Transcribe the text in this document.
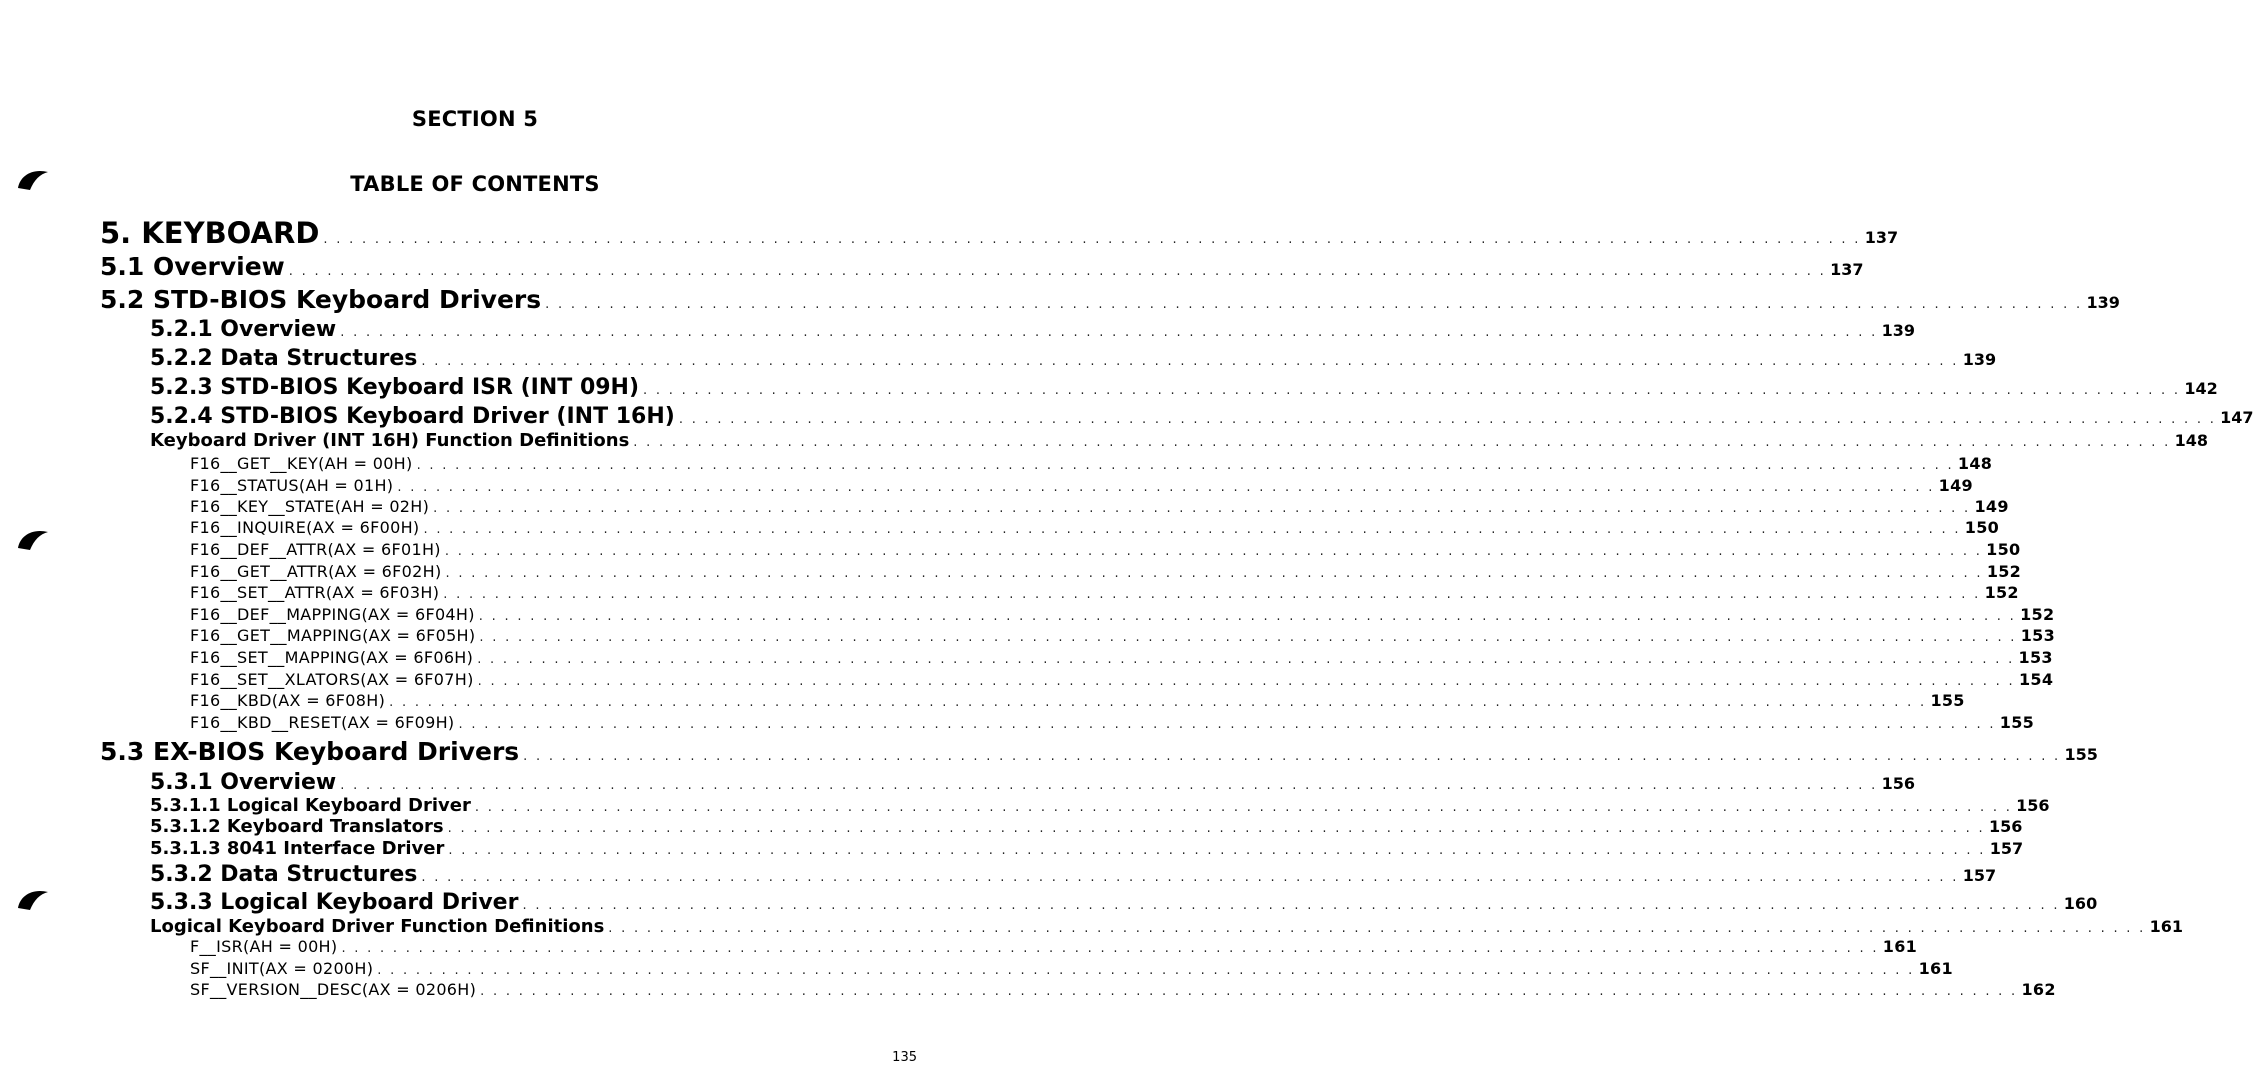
SECTION 5
TABLE OF CONTENTS
5. KEYBOARD . . . . . . . . . . . . . . . . . . . . . . . . . . . . . . . . . . . . . . . . . . . . . . . . . . . . . . . . . . . . . . . . . . . . . . . . . . . . . . . . . . . . . . . . . . . . . . . . . . . . . . . . . . . . . . . . . . . . . . . . 137
5.1 Overview . . . . . . . . . . . . . . . . . . . . . . . . . . . . . . . . . . . . . . . . . . . . . . . . . . . . . . . . . . . . . . . . . . . . . . . . . . . . . . . . . . . . . . . . . . . . . . . . . . . . . . . . . . . . . . . . . . . . . . . . 137
5.2 STD-BIOS Keyboard Drivers . . . . . . . . . . . . . . . . . . . . . . . . . . . . . . . . . . . . . . . . . . . . . . . . . . . . . . . . . . . . . . . . . . . . . . . . . . . . . . . . . . . . . . . . . . . . . . . . . . . . . . . . . . . . . . . . . . . . . . . . 139
5.2.1 Overview . . . . . . . . . . . . . . . . . . . . . . . . . . . . . . . . . . . . . . . . . . . . . . . . . . . . . . . . . . . . . . . . . . . . . . . . . . . . . . . . . . . . . . . . . . . . . . . . . . . . . . . . . . . . . . . . . . . . . . . . 139
5.2.2 Data Structures . . . . . . . . . . . . . . . . . . . . . . . . . . . . . . . . . . . . . . . . . . . . . . . . . . . . . . . . . . . . . . . . . . . . . . . . . . . . . . . . . . . . . . . . . . . . . . . . . . . . . . . . . . . . . . . . . . . . . . . . 139
5.2.3 STD-BIOS Keyboard ISR (INT 09H) . . . . . . . . . . . . . . . . . . . . . . . . . . . . . . . . . . . . . . . . . . . . . . . . . . . . . . . . . . . . . . . . . . . . . . . . . . . . . . . . . . . . . . . . . . . . . . . . . . . . . . . . . . . . . . . . . . . . . . . . 142
5.2.4 STD-BIOS Keyboard Driver (INT 16H) . . . . . . . . . . . . . . . . . . . . . . . . . . . . . . . . . . . . . . . . . . . . . . . . . . . . . . . . . . . . . . . . . . . . . . . . . . . . . . . . . . . . . . . . . . . . . . . . . . . . . . . . . . . . . . . . . . . . . . . . 147
Keyboard Driver (INT 16H) Function Definitions . . . . . . . . . . . . . . . . . . . . . . . . . . . . . . . . . . . . . . . . . . . . . . . . . . . . . . . . . . . . . . . . . . . . . . . . . . . . . . . . . . . . . . . . . . . . . . . . . . . . . . . . . . . . . . . . . . . . . . . . 148
F16__GET__KEY (AH = 00H) . . . . . . . . . . . . . . . . . . . . . . . . . . . . . . . . . . . . . . . . . . . . . . . . . . . . . . . . . . . . . . . . . . . . . . . . . . . . . . . . . . . . . . . . . . . . . . . . . . . . . . . . . . . . . . . . . . . . . . . . 148
F16__STATUS (AH = 01H) . . . . . . . . . . . . . . . . . . . . . . . . . . . . . . . . . . . . . . . . . . . . . . . . . . . . . . . . . . . . . . . . . . . . . . . . . . . . . . . . . . . . . . . . . . . . . . . . . . . . . . . . . . . . . . . . . . . . . . . . 149
F16__KEY__STATE (AH = 02H) . . . . . . . . . . . . . . . . . . . . . . . . . . . . . . . . . . . . . . . . . . . . . . . . . . . . . . . . . . . . . . . . . . . . . . . . . . . . . . . . . . . . . . . . . . . . . . . . . . . . . . . . . . . . . . . . . . . . . . . . 149
F16__INQUIRE (AX = 6F00H) . . . . . . . . . . . . . . . . . . . . . . . . . . . . . . . . . . . . . . . . . . . . . . . . . . . . . . . . . . . . . . . . . . . . . . . . . . . . . . . . . . . . . . . . . . . . . . . . . . . . . . . . . . . . . . . . . . . . . . . . 150
F16__DEF__ATTR (AX = 6F01H) . . . . . . . . . . . . . . . . . . . . . . . . . . . . . . . . . . . . . . . . . . . . . . . . . . . . . . . . . . . . . . . . . . . . . . . . . . . . . . . . . . . . . . . . . . . . . . . . . . . . . . . . . . . . . . . . . . . . . . . . 150
F16__GET__ATTR (AX = 6F02H) . . . . . . . . . . . . . . . . . . . . . . . . . . . . . . . . . . . . . . . . . . . . . . . . . . . . . . . . . . . . . . . . . . . . . . . . . . . . . . . . . . . . . . . . . . . . . . . . . . . . . . . . . . . . . . . . . . . . . . . . 152
F16__SET__ATTR (AX = 6F03H) . . . . . . . . . . . . . . . . . . . . . . . . . . . . . . . . . . . . . . . . . . . . . . . . . . . . . . . . . . . . . . . . . . . . . . . . . . . . . . . . . . . . . . . . . . . . . . . . . . . . . . . . . . . . . . . . . . . . . . . . 152
F16__DEF__MAPPING (AX = 6F04H) . . . . . . . . . . . . . . . . . . . . . . . . . . . . . . . . . . . . . . . . . . . . . . . . . . . . . . . . . . . . . . . . . . . . . . . . . . . . . . . . . . . . . . . . . . . . . . . . . . . . . . . . . . . . . . . . . . . . . . . . 152
F16__GET__MAPPING (AX = 6F05H) . . . . . . . . . . . . . . . . . . . . . . . . . . . . . . . . . . . . . . . . . . . . . . . . . . . . . . . . . . . . . . . . . . . . . . . . . . . . . . . . . . . . . . . . . . . . . . . . . . . . . . . . . . . . . . . . . . . . . . . . 153
F16__SET__MAPPING (AX = 6F06H) . . . . . . . . . . . . . . . . . . . . . . . . . . . . . . . . . . . . . . . . . . . . . . . . . . . . . . . . . . . . . . . . . . . . . . . . . . . . . . . . . . . . . . . . . . . . . . . . . . . . . . . . . . . . . . . . . . . . . . . . 153
F16__SET__XLATORS (AX = 6F07H) . . . . . . . . . . . . . . . . . . . . . . . . . . . . . . . . . . . . . . . . . . . . . . . . . . . . . . . . . . . . . . . . . . . . . . . . . . . . . . . . . . . . . . . . . . . . . . . . . . . . . . . . . . . . . . . . . . . . . . . . 154
F16__KBD (AX = 6F08H) . . . . . . . . . . . . . . . . . . . . . . . . . . . . . . . . . . . . . . . . . . . . . . . . . . . . . . . . . . . . . . . . . . . . . . . . . . . . . . . . . . . . . . . . . . . . . . . . . . . . . . . . . . . . . . . . . . . . . . . . 155
F16__KBD__RESET (AX = 6F09H) . . . . . . . . . . . . . . . . . . . . . . . . . . . . . . . . . . . . . . . . . . . . . . . . . . . . . . . . . . . . . . . . . . . . . . . . . . . . . . . . . . . . . . . . . . . . . . . . . . . . . . . . . . . . . . . . . . . . . . . . 155
5.3 EX-BIOS Keyboard Drivers . . . . . . . . . . . . . . . . . . . . . . . . . . . . . . . . . . . . . . . . . . . . . . . . . . . . . . . . . . . . . . . . . . . . . . . . . . . . . . . . . . . . . . . . . . . . . . . . . . . . . . . . . . . . . . . . . . . . . . . . 155
5.3.1 Overview . . . . . . . . . . . . . . . . . . . . . . . . . . . . . . . . . . . . . . . . . . . . . . . . . . . . . . . . . . . . . . . . . . . . . . . . . . . . . . . . . . . . . . . . . . . . . . . . . . . . . . . . . . . . . . . . . . . . . . . . 156
5.3.1.1 Logical Keyboard Driver . . . . . . . . . . . . . . . . . . . . . . . . . . . . . . . . . . . . . . . . . . . . . . . . . . . . . . . . . . . . . . . . . . . . . . . . . . . . . . . . . . . . . . . . . . . . . . . . . . . . . . . . . . . . . . . . . . . . . . . . 156
5.3.1.2 Keyboard Translators . . . . . . . . . . . . . . . . . . . . . . . . . . . . . . . . . . . . . . . . . . . . . . . . . . . . . . . . . . . . . . . . . . . . . . . . . . . . . . . . . . . . . . . . . . . . . . . . . . . . . . . . . . . . . . . . . . . . . . . . 156
5.3.1.3 8041 Interface Driver . . . . . . . . . . . . . . . . . . . . . . . . . . . . . . . . . . . . . . . . . . . . . . . . . . . . . . . . . . . . . . . . . . . . . . . . . . . . . . . . . . . . . . . . . . . . . . . . . . . . . . . . . . . . . . . . . . . . . . . . 157
5.3.2 Data Structures . . . . . . . . . . . . . . . . . . . . . . . . . . . . . . . . . . . . . . . . . . . . . . . . . . . . . . . . . . . . . . . . . . . . . . . . . . . . . . . . . . . . . . . . . . . . . . . . . . . . . . . . . . . . . . . . . . . . . . . . 157
5.3.3 Logical Keyboard Driver . . . . . . . . . . . . . . . . . . . . . . . . . . . . . . . . . . . . . . . . . . . . . . . . . . . . . . . . . . . . . . . . . . . . . . . . . . . . . . . . . . . . . . . . . . . . . . . . . . . . . . . . . . . . . . . . . . . . . . . . 160
Logical Keyboard Driver Function Definitions . . . . . . . . . . . . . . . . . . . . . . . . . . . . . . . . . . . . . . . . . . . . . . . . . . . . . . . . . . . . . . . . . . . . . . . . . . . . . . . . . . . . . . . . . . . . . . . . . . . . . . . . . . . . . . . . . . . . . . . . 161
F__ISR (AH = 00H) . . . . . . . . . . . . . . . . . . . . . . . . . . . . . . . . . . . . . . . . . . . . . . . . . . . . . . . . . . . . . . . . . . . . . . . . . . . . . . . . . . . . . . . . . . . . . . . . . . . . . . . . . . . . . . . . . . . . . . . . 161
SF__INIT (AX = 0200H) . . . . . . . . . . . . . . . . . . . . . . . . . . . . . . . . . . . . . . . . . . . . . . . . . . . . . . . . . . . . . . . . . . . . . . . . . . . . . . . . . . . . . . . . . . . . . . . . . . . . . . . . . . . . . . . . . . . . . . . . 161
SF__VERSION__DESC (AX = 0206H) . . . . . . . . . . . . . . . . . . . . . . . . . . . . . . . . . . . . . . . . . . . . . . . . . . . . . . . . . . . . . . . . . . . . . . . . . . . . . . . . . . . . . . . . . . . . . . . . . . . . . . . . . . . . . . . . . . . . . . . . 162
135
